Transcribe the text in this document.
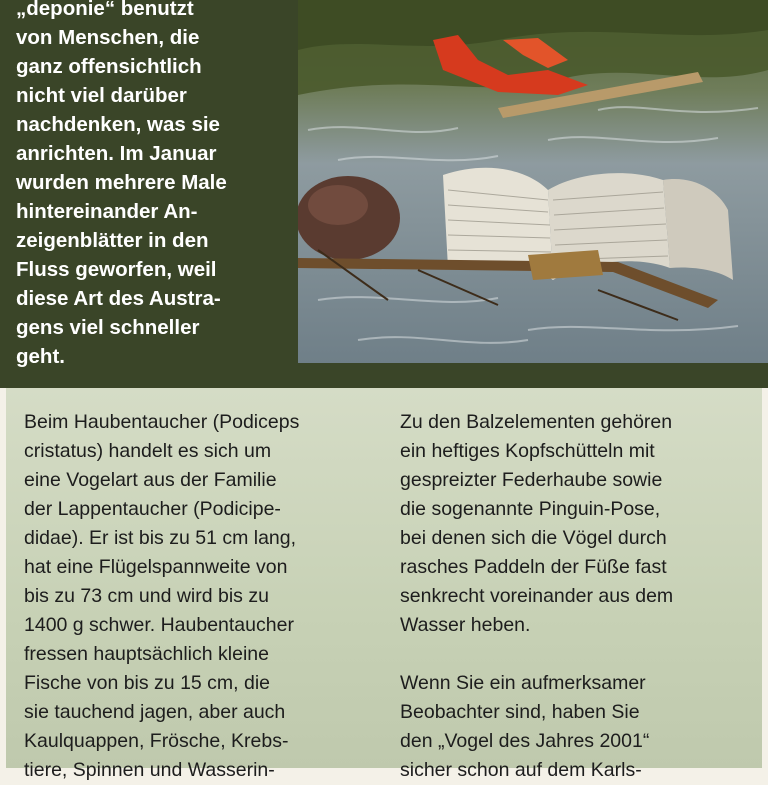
„deponie“ benutzt
von Menschen, die
ganz offensichtlich
nicht viel darüber
nachdenken, was sie
anrichten. Im Januar
wurden mehrere Male
hintereinander An-
zeigenblätter in den
Fluss geworfen, weil
diese Art des Austra-
gens viel schneller
geht.
Beim Haubentaucher (Podiceps
cristatus) handelt es sich um
eine Vogelart aus der Familie
der Lappentaucher (Podicipe-
didae). Er ist bis zu 51 cm lang,
hat eine Flügelspannweite von
bis zu 73 cm und wird bis zu
1400 g schwer. Haubentaucher
fressen hauptsächlich kleine
Fische von bis zu 15 cm, die
sie tauchend jagen, aber auch
Kaulquappen, Frösche, Krebs-
tiere, Spinnen und Wasserin-
Zu den Balzelementen gehören
ein heftiges Kopfschütteln mit
gespreizter Federhaube sowie
die sogenannte Pinguin-Pose,
bei denen sich die Vögel durch
rasches Paddeln der Füße fast
senkrecht voreinander aus dem
Wasser heben.
Wenn Sie ein aufmerksamer
Beobachter sind, haben Sie
den „Vogel des Jahres 2001“
sicher schon auf dem Karls-
